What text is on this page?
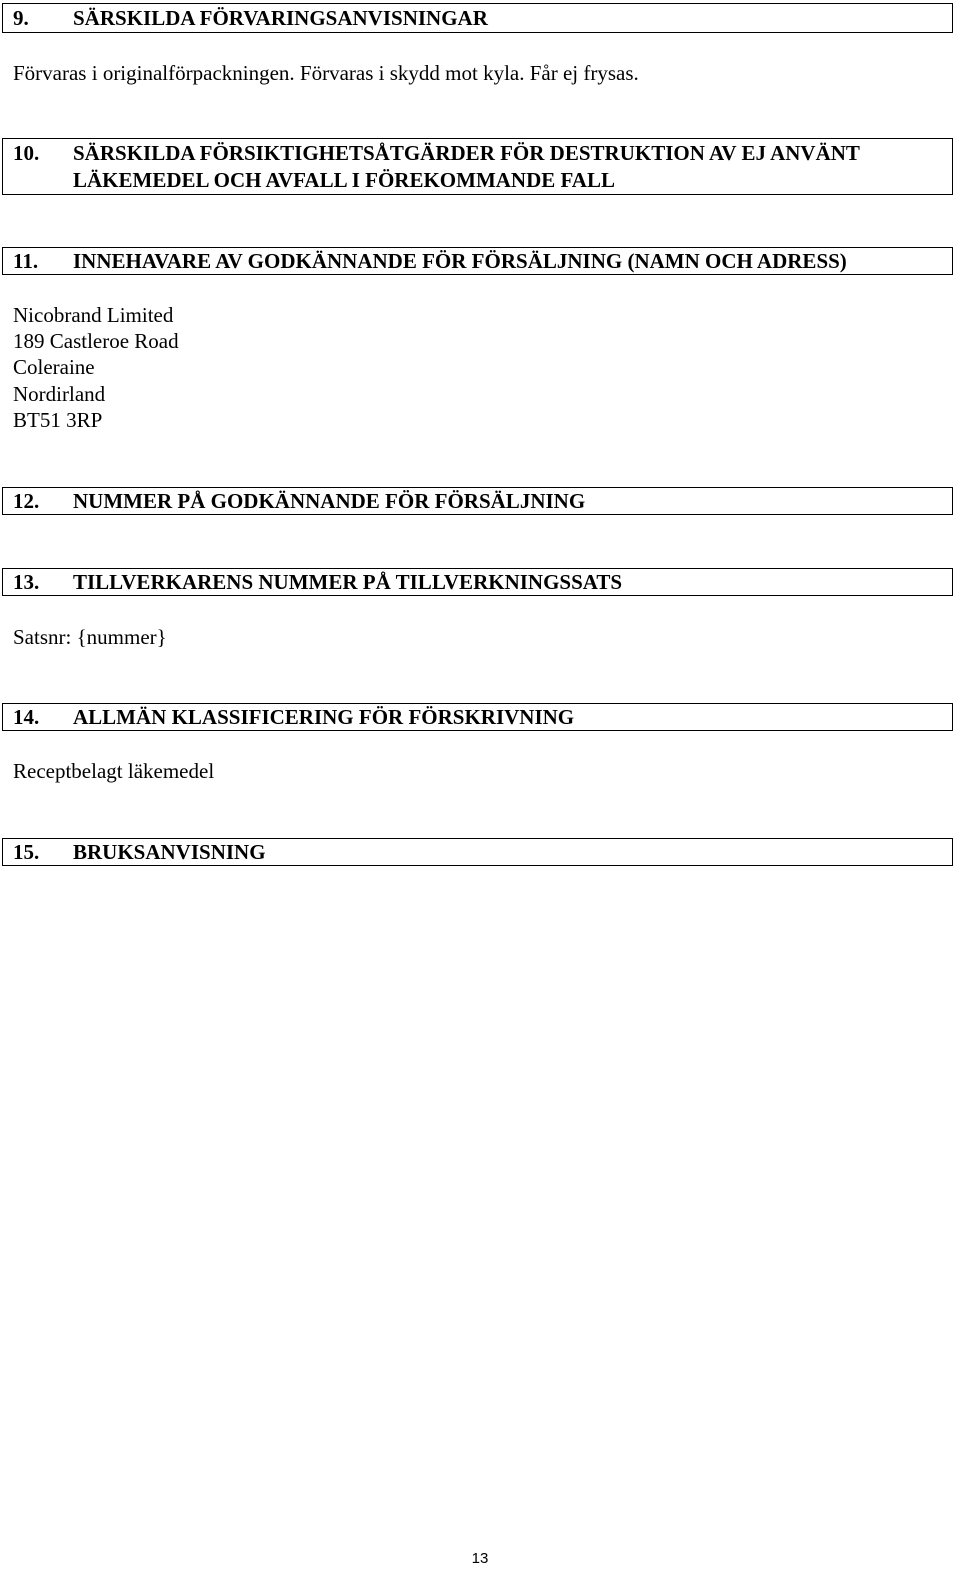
9. SÄRSKILDA FÖRVARINGSANVISNINGAR
Förvaras i originalförpackningen. Förvaras i skydd mot kyla. Får ej frysas.
10. SÄRSKILDA FÖRSIKTIGHETSÅTGÄRDER FÖR DESTRUKTION AV EJ ANVÄNT
LÄKEMEDEL OCH AVFALL I FÖREKOMMANDE FALL
11. INNEHAVARE AV GODKÄNNANDE FÖR FÖRSÄLJNING (NAMN OCH ADRESS)
Nicobrand Limited
189 Castleroe Road
Coleraine
Nordirland
BT51 3RP
12. NUMMER PÅ GODKÄNNANDE FÖR FÖRSÄLJNING
13. TILLVERKARENS NUMMER PÅ TILLVERKNINGSSATS
Satsnr: {nummer}
14. ALLMÄN KLASSIFICERING FÖR FÖRSKRIVNING
Receptbelagt läkemedel
15. BRUKSANVISNING
13
